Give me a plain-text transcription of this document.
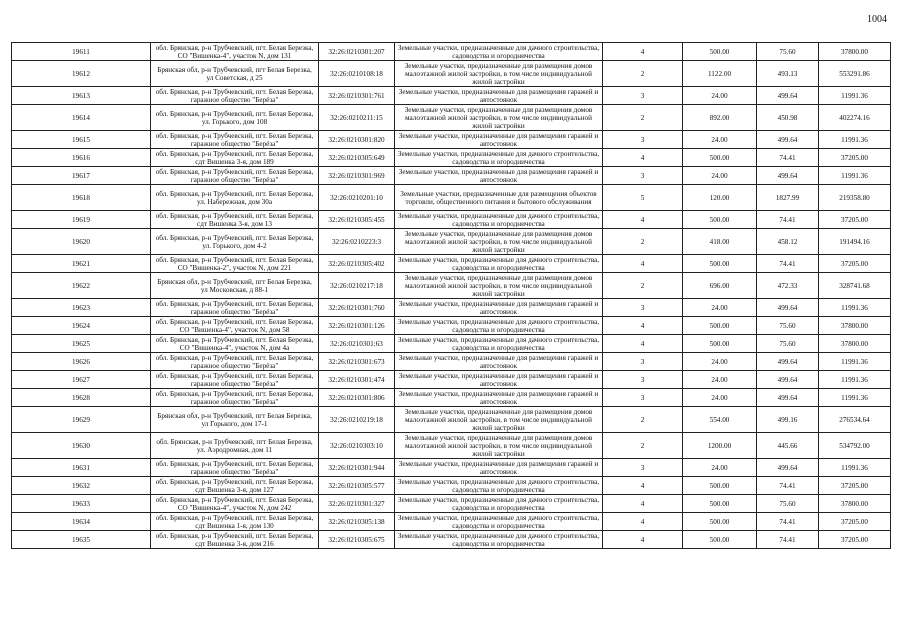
1004
19611	обл. Брянская, р-н Трубчевский, пгт. Белая Березка, СО "Вишенка-4", участок N, дом 131	32:26:0210301:207	Земельные участки, предназначенные для дачного строительства, садоводства и огородничества	4	500.00	75.60	37800.00
19612	Брянская обл, р-н Трубчевский, пгт Белая Березка, ул Советская, д 25	32:26:0210108:18	Земельные участки, предназначенные для размещения домов малоэтажной жилой застройки, в том числе индивидуальной жилой застройки	2	1122.00	493.13	553291.86
19613	обл. Брянская, р-н Трубчевский, пгт. Белая Березка, гаражное общество "Берёза"	32:26:0210301:761	Земельные участки, предназначенные для размещения гаражей и автостоянок	3	24.00	499.64	11991.36
19614	обл. Брянская, р-н Трубчевский, пгт. Белая Березка, ул. Горького, дом 108	32:26:0210211:15	Земельные участки, предназначенные для размещения домов малоэтажной жилой застройки, в том числе индивидуальной жилой застройки	2	892.00	450.98	402274.16
19615	обл. Брянская, р-н Трубчевский, пгт. Белая Березка, гаражное общество "Берёза"	32:26:0210301:820	Земельные участки, предназначенные для размещения гаражей и автостоянок	3	24.00	499.64	11991.36
19616	обл. Брянская, р-н Трубчевский, пгт. Белая Березка, сдт Вишенка 3-я, дом 189	32:26:0210305:649	Земельные участки, предназначенные для дачного строительства, садоводства и огородничества	4	500.00	74.41	37205.00
19617	обл. Брянская, р-н Трубчевский, пгт. Белая Березка, гаражное общество "Берёза"	32:26:0210301:969	Земельные участки, предназначенные для размещения гаражей и автостоянок	3	24.00	499.64	11991.36
19618	обл. Брянская, р-н Трубчевский, пгт. Белая Березка, ул. Набережная, дом 30а	32:26:0210201:10	Земельные участки, предназначенные для размещения объектов торговли, общественного питания и бытового обслуживания	5	120.00	1827.99	219358.80
19619	обл. Брянская, р-н Трубчевский, пгт. Белая Березка, сдт Вишенка 3-я, дом 13	32:26:0210305:455	Земельные участки, предназначенные для дачного строительства, садоводства и огородничества	4	500.00	74.41	37205.00
19620	обл. Брянская, р-н Трубчевский, пгт. Белая Березка, ул. Горького, дом 4-2	32:26:0210223:3	Земельные участки, предназначенные для размещения домов малоэтажной жилой застройки, в том числе индивидуальной жилой застройки	2	418.00	458.12	191494.16
19621	обл. Брянская, р-н Трубчевский, пгт. Белая Березка, СО "Вишенка-2", участок N, дом 221	32:26:0210305:402	Земельные участки, предназначенные для дачного строительства, садоводства и огородничества	4	500.00	74.41	37205.00
19622	Брянская обл, р-н Трубчевский, пгт Белая Березка, ул Московская, д 88-1	32:26:0210217:18	Земельные участки, предназначенные для размещения домов малоэтажной жилой застройки, в том числе индивидуальной жилой застройки	2	696.00	472.33	328741.68
19623	обл. Брянская, р-н Трубчевский, пгт. Белая Березка, гаражное общество "Берёза"	32:26:0210301:760	Земельные участки, предназначенные для размещения гаражей и автостоянок	3	24.00	499.64	11991.36
19624	обл. Брянская, р-н Трубчевский, пгт. Белая Березка, СО "Вишенка-4", участок N, дом 58	32:26:0210301:126	Земельные участки, предназначенные для дачного строительства, садоводства и огородничества	4	500.00	75.60	37800.00
19625	обл. Брянская, р-н Трубчевский, пгт. Белая Березка, СО "Вишенка-4", участок N, дом 4а	32:26:0210301:63	Земельные участки, предназначенные для дачного строительства, садоводства и огородничества	4	500.00	75.60	37800.00
19626	обл. Брянская, р-н Трубчевский, пгт. Белая Березка, гаражное общество "Берёза"	32:26:0210301:673	Земельные участки, предназначенные для размещения гаражей и автостоянок	3	24.00	499.64	11991.36
19627	обл. Брянская, р-н Трубчевский, пгт. Белая Березка, гаражное общество "Берёза"	32:26:0210301:474	Земельные участки, предназначенные для размещения гаражей и автостоянок	3	24.00	499.64	11991.36
19628	обл. Брянская, р-н Трубчевский, пгт. Белая Березка, гаражное общество "Берёза"	32:26:0210301:806	Земельные участки, предназначенные для размещения гаражей и автостоянок	3	24.00	499.64	11991.36
19629	Брянская обл, р-н Трубчевский, пгт Белая Березка, ул Горького, дом 17-1	32:26:0210219:18	Земельные участки, предназначенные для размещения домов малоэтажной жилой застройки, в том числе индивидуальной жилой застройки	2	554.00	499.16	276534.64
19630	обл. Брянская, р-н Трубчевский, пгт Белая Березка, ул. Аэродромная, дом 11	32:26:0210303:10	Земельные участки, предназначенные для размещения домов малоэтажной жилой застройки, в том числе индивидуальной жилой застройки	2	1200.00	445.66	534792.00
19631	обл. Брянская, р-н Трубчевский, пгт. Белая Березка, гаражное общество "Берёза"	32:26:0210301:944	Земельные участки, предназначенные для размещения гаражей и автостоянок	3	24.00	499.64	11991.36
19632	обл. Брянская, р-н Трубчевский, пгт. Белая Березка, сдт Вишенка 3-я, дом 127	32:26:0210305:577	Земельные участки, предназначенные для дачного строительства, садоводства и огородничества	4	500.00	74.41	37205.00
19633	обл. Брянская, р-н Трубчевский, пгт. Белая Березка, СО "Вишенка-4", участок N, дом 242	32:26:0210301:327	Земельные участки, предназначенные для дачного строительства, садоводства и огородничества	4	500.00	75.60	37800.00
19634	обл. Брянская, р-н Трубчевский, пгт. Белая Березка, сдт Вишенка 1-я, дом 130	32:26:0210305:138	Земельные участки, предназначенные для дачного строительства, садоводства и огородничества	4	500.00	74.41	37205.00
19635	обл. Брянская, р-н Трубчевский, пгт. Белая Березка, сдт Вишенка 3-я, дом 216	32:26:0210305:675	Земельные участки, предназначенные для дачного строительства, садоводства и огородничества	4	500.00	74.41	37205.00
